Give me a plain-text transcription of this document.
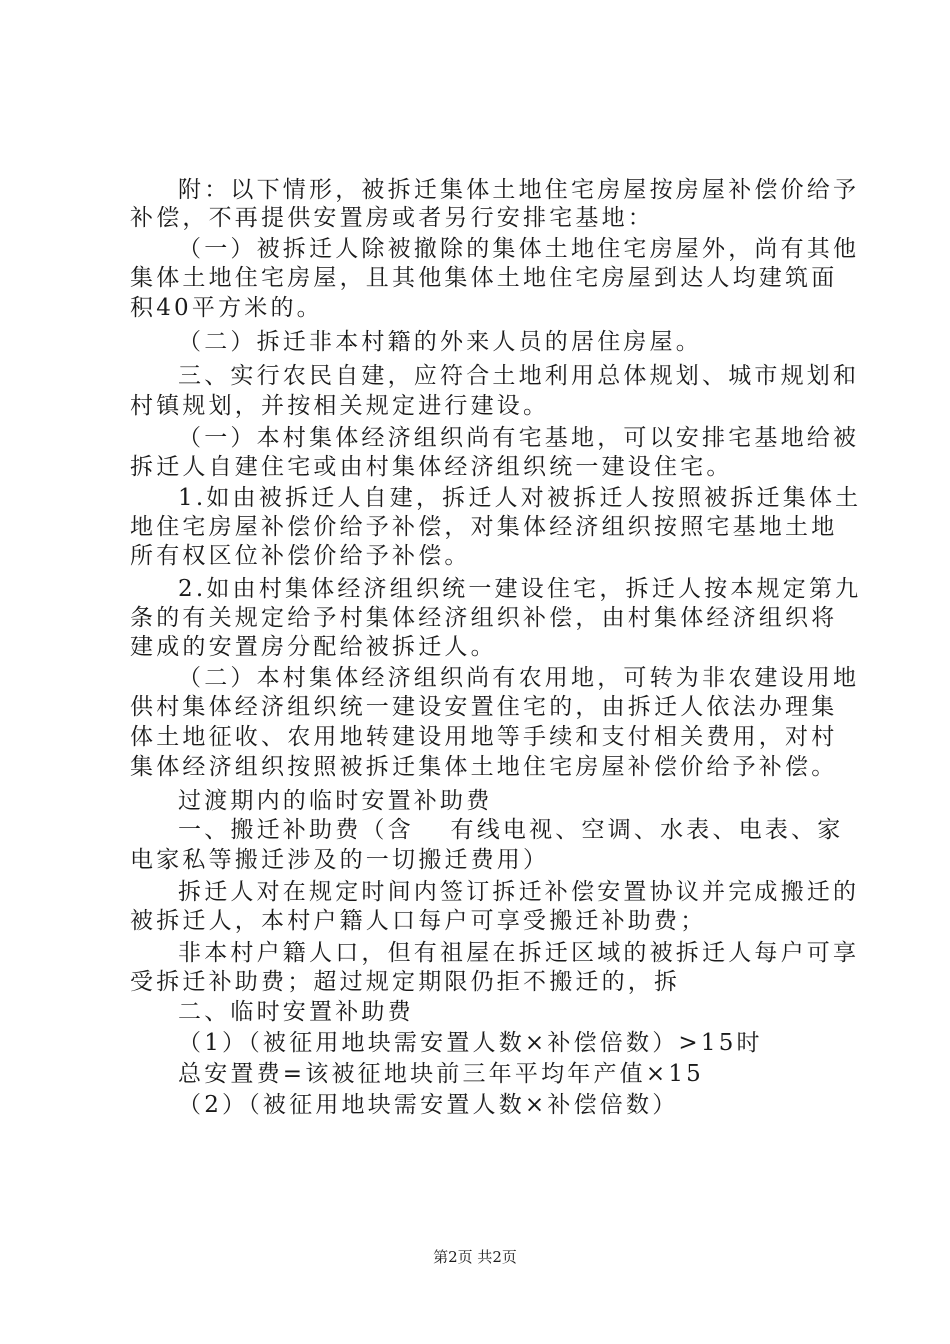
附：以下情形，被拆迁集体土地住宅房屋按房屋补偿价给予
补偿，不再提供安置房或者另行安排宅基地：
（一）被拆迁人除被撤除的集体土地住宅房屋外，尚有其他
集体土地住宅房屋，且其他集体土地住宅房屋到达人均建筑面
积40平方米的。
（二）拆迁非本村籍的外来人员的居住房屋。
三、实行农民自建，应符合土地利用总体规划、城市规划和
村镇规划，并按相关规定进行建设。
（一）本村集体经济组织尚有宅基地，可以安排宅基地给被
拆迁人自建住宅或由村集体经济组织统一建设住宅。
1.如由被拆迁人自建，拆迁人对被拆迁人按照被拆迁集体土
地住宅房屋补偿价给予补偿，对集体经济组织按照宅基地土地
所有权区位补偿价给予补偿。
2.如由村集体经济组织统一建设住宅，拆迁人按本规定第九
条的有关规定给予村集体经济组织补偿，由村集体经济组织将
建成的安置房分配给被拆迁人。
（二）本村集体经济组织尚有农用地，可转为非农建设用地
供村集体经济组织统一建设安置住宅的，由拆迁人依法办理集
体土地征收、农用地转建设用地等手续和支付相关费用，对村
集体经济组织按照被拆迁集体土地住宅房屋补偿价给予补偿。
过渡期内的临时安置补助费
一、搬迁补助费（含　 有线电视、空调、水表、电表、家
电家私等搬迁涉及的一切搬迁费用）
拆迁人对在规定时间内签订拆迁补偿安置协议并完成搬迁的
被拆迁人，本村户籍人口每户可享受搬迁补助费；
非本村户籍人口，但有祖屋在拆迁区域的被拆迁人每户可享
受拆迁补助费；超过规定期限仍拒不搬迁的，拆
二、临时安置补助费
（1）（被征用地块需安置人数×补偿倍数）>15时
总安置费=该被征地块前三年平均年产值×15
（2）（被征用地块需安置人数×补偿倍数）
第2页 共2页
